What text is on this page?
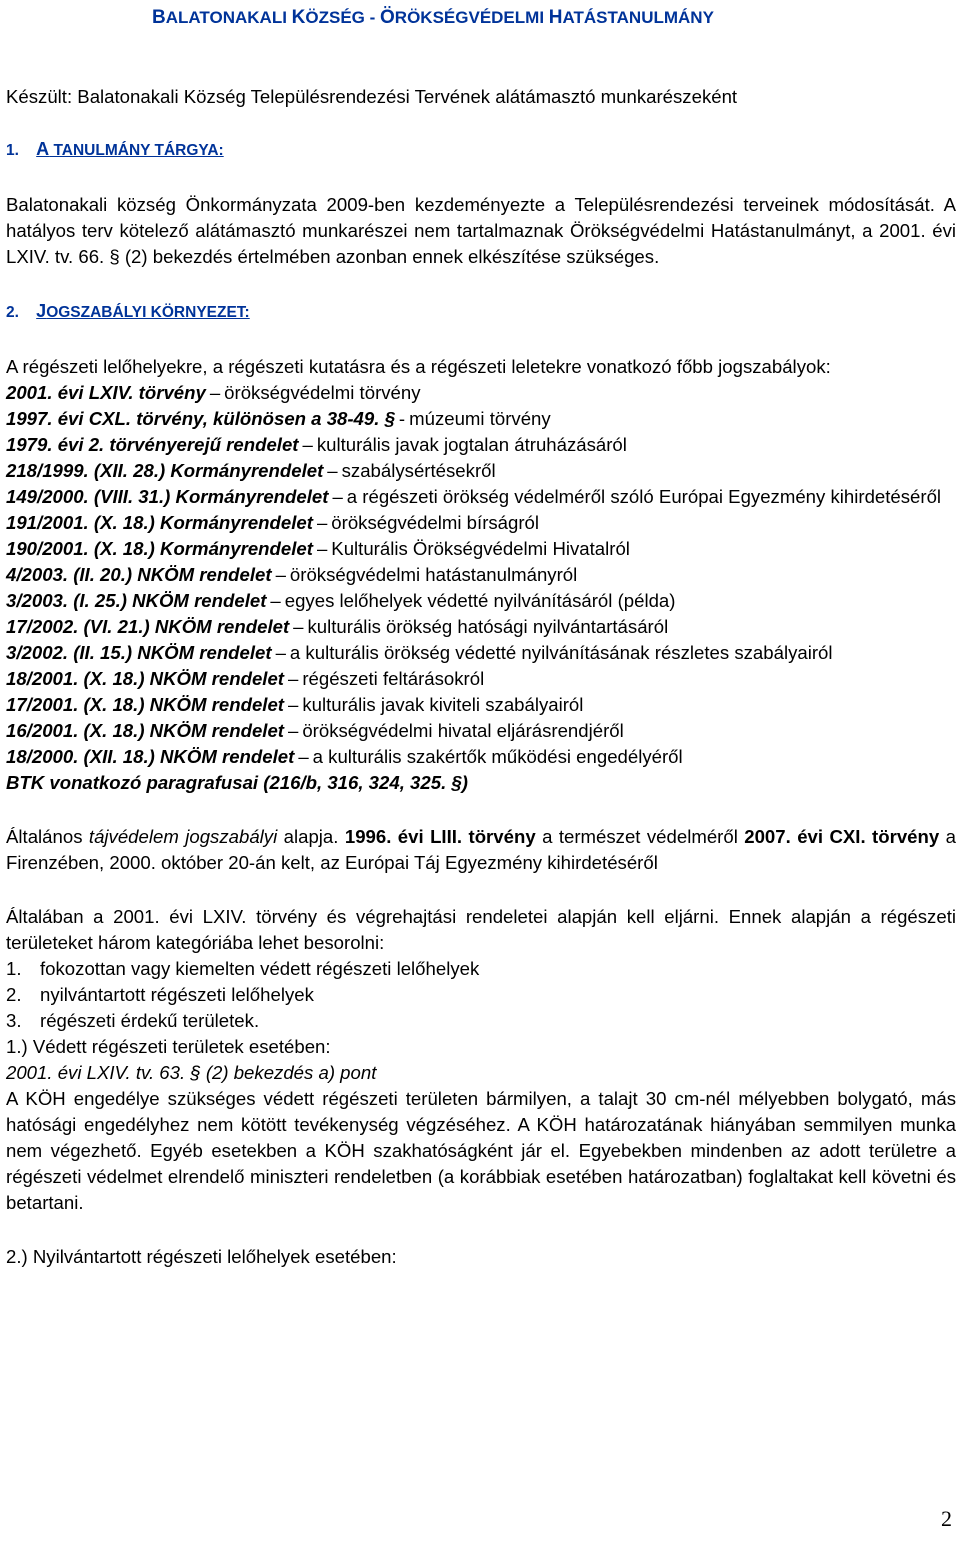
BALATONAKALI KÖZSÉG - ÖRÖKSÉGVÉDELMI HATÁSTANULMÁNY

Készült: Balatonakali Község Településrendezési Tervének alátámasztó munkarészeként

1. A TANULMÁNY TÁRGYA:

Balatonakali község Önkormányzata 2009-ben kezdeményezte a Településrendezési terveinek módosítását. A hatályos terv kötelező alátámasztó munkarészei nem tartalmaznak Örökségvédelmi Hatástanulmányt, a 2001. évi LXIV. tv. 66. § (2) bekezdés értelmében azonban ennek elkészítése szükséges.

2. JOGSZABÁLYI KÖRNYEZET:

A régészeti lelőhelyekre, a régészeti kutatásra és a régészeti leletekre vonatkozó főbb jogszabályok:

2001. évi LXIV. törvény – örökségvédelmi törvény

1997. évi CXL. törvény, különösen a 38-49. § - múzeumi törvény

1979. évi 2. törvényerejű rendelet – kulturális javak jogtalan átruházásáról

218/1999. (XII. 28.) Kormányrendelet – szabálysértésekről

149/2000. (VIII. 31.) Kormányrendelet – a régészeti örökség védelméről szóló Európai Egyezmény kihirdetéséről

191/2001. (X. 18.) Kormányrendelet – örökségvédelmi bírságról

190/2001. (X. 18.) Kormányrendelet – Kulturális Örökségvédelmi Hivatalról

4/2003. (II. 20.) NKÖM rendelet – örökségvédelmi hatástanulmányról

3/2003. (I. 25.) NKÖM rendelet – egyes lelőhelyek védetté nyilvánításáról (példa)

17/2002. (VI. 21.) NKÖM rendelet – kulturális örökség hatósági nyilvántartásáról

3/2002. (II. 15.) NKÖM rendelet – a kulturális örökség védetté nyilvánításának részletes szabályairól

18/2001. (X. 18.) NKÖM rendelet – régészeti feltárásokról

17/2001. (X. 18.) NKÖM rendelet – kulturális javak kiviteli szabályairól

16/2001. (X. 18.) NKÖM rendelet – örökségvédelmi hivatal eljárásrendjéről

18/2000. (XII. 18.) NKÖM rendelet – a kulturális szakértők működési engedélyéről

BTK vonatkozó paragrafusai (216/b, 316, 324, 325. §)

Általános tájvédelem jogszabályi alapja. 1996. évi LIII. törvény a természet védelméről 2007. évi CXI. törvény a Firenzében, 2000. október 20-án kelt, az Európai Táj Egyezmény kihirdetéséről

Általában a 2001. évi LXIV. törvény és végrehajtási rendeletei alapján kell eljárni. Ennek alapján a régészeti területeket három kategóriába lehet besorolni:

1. fokozottan vagy kiemelten védett régészeti lelőhelyek
2. nyilvántartott régészeti lelőhelyek
3. régészeti érdekű területek.

1.) Védett régészeti területek esetében:

2001. évi LXIV. tv. 63. § (2) bekezdés a) pont

A KÖH engedélye szükséges védett régészeti területen bármilyen, a talajt 30 cm-nél mélyebben bolygató, más hatósági engedélyhez nem kötött tevékenység végzéséhez. A KÖH határozatának hiányában semmilyen munka nem végezhető. Egyéb esetekben a KÖH szakhatóságként jár el. Egyebekben mindenben az adott területre a régészeti védelmet elrendelő miniszteri rendeletben (a korábbiak esetében határozatban) foglaltakat kell követni és betartani.

2.) Nyilvántartott régészeti lelőhelyek esetében:

2
